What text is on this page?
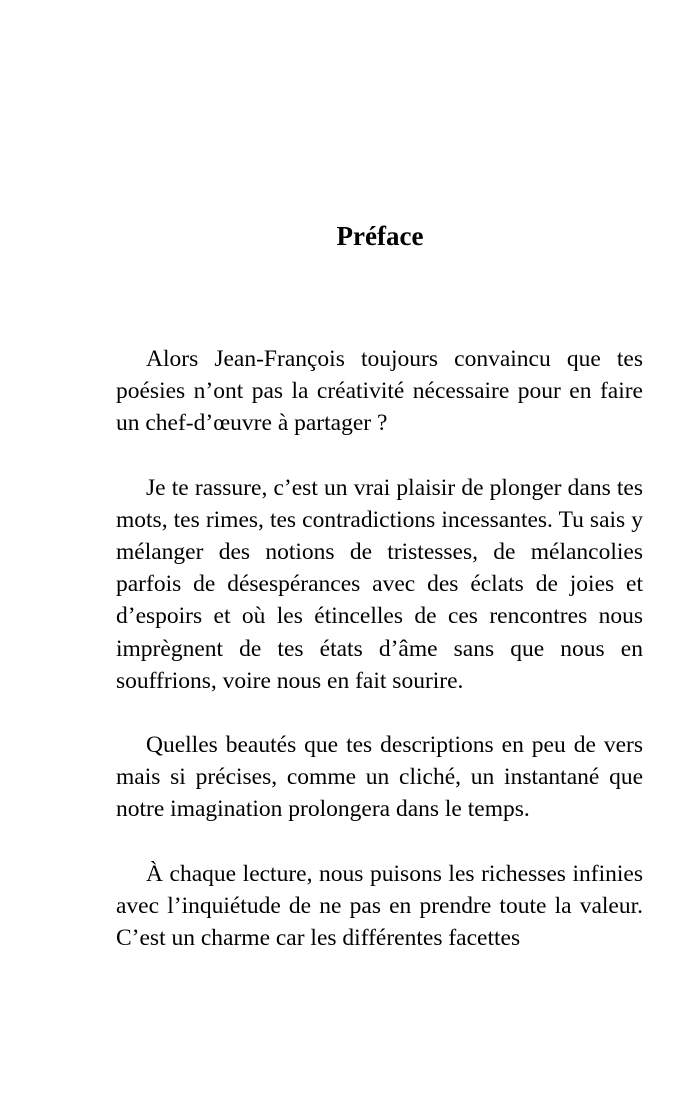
Préface

Alors Jean-François toujours convaincu que tes poésies n’ont pas la créativité nécessaire pour en faire un chef-d’œuvre à partager ?

Je te rassure, c’est un vrai plaisir de plonger dans tes mots, tes rimes, tes contradictions incessantes. Tu sais y mélanger des notions de tristesses, de mélancolies parfois de désespérances avec des éclats de joies et d’espoirs et où les étincelles de ces rencontres nous imprègnent de tes états d’âme sans que nous en souffrions, voire nous en fait sourire.

Quelles beautés que tes descriptions en peu de vers mais si précises, comme un cliché, un instantané que notre imagination prolongera dans le temps.

À chaque lecture, nous puisons les richesses infinies avec l’inquiétude de ne pas en prendre toute la valeur. C’est un charme car les différentes facettes
